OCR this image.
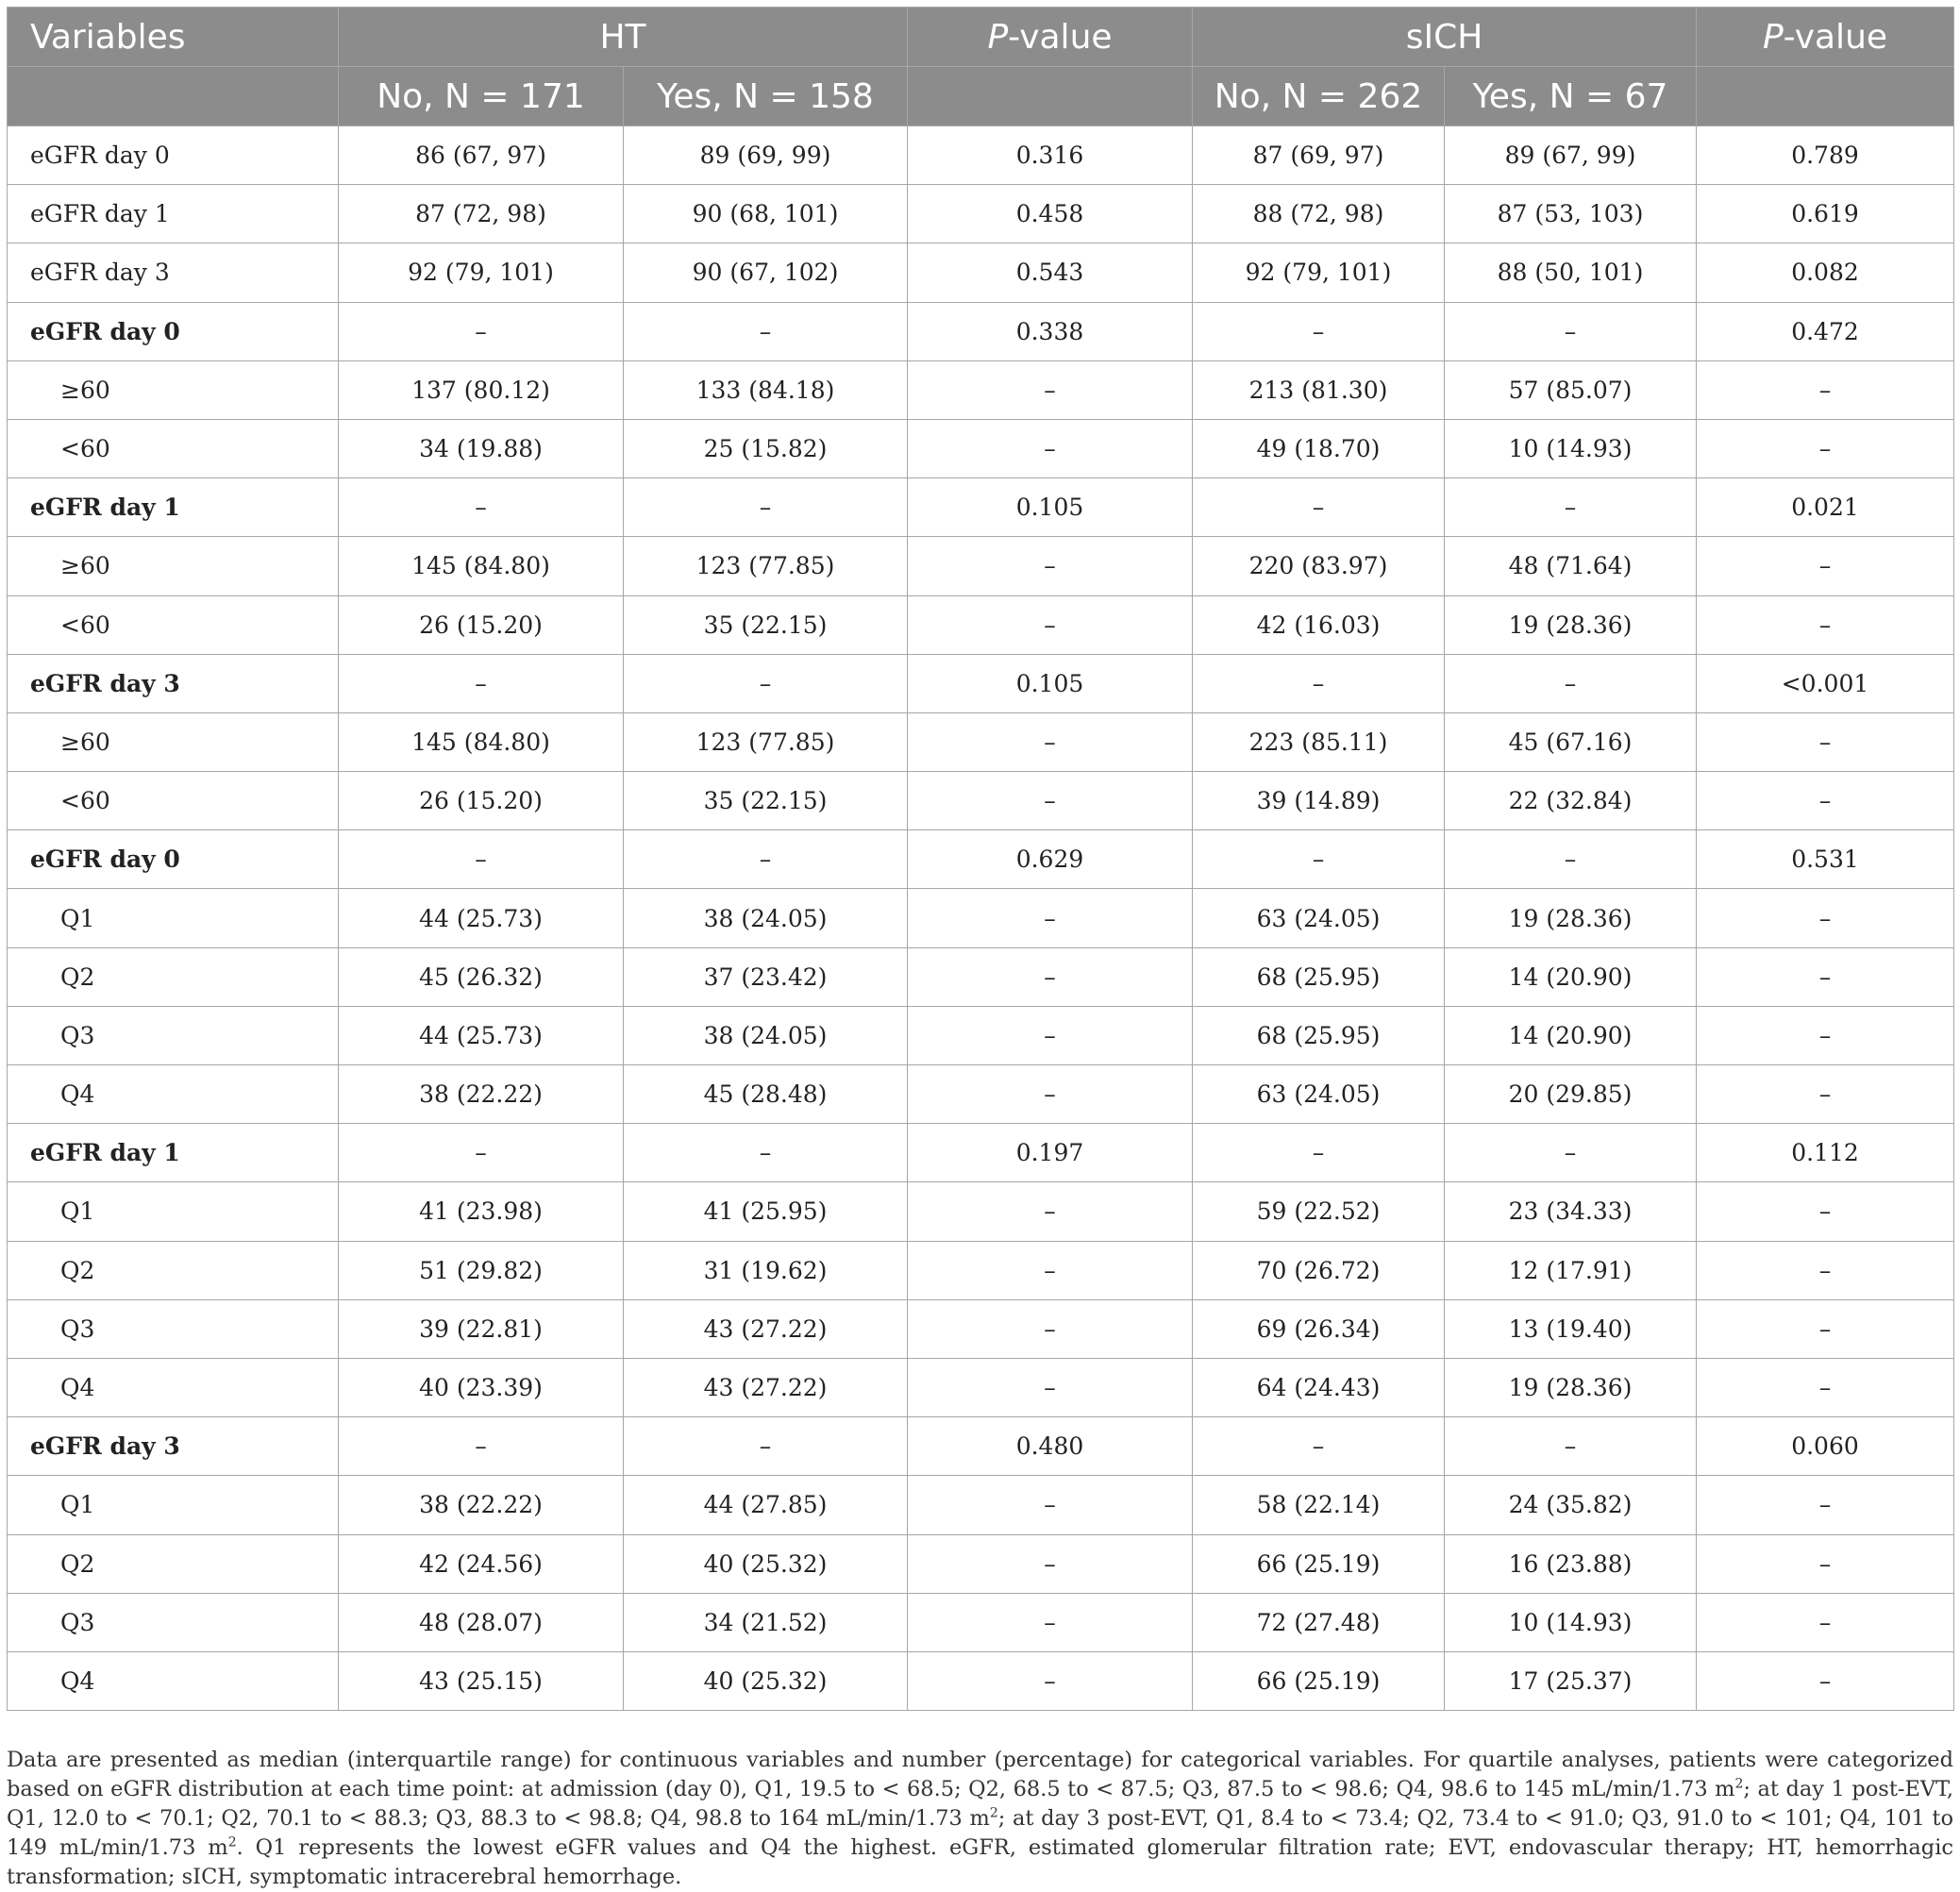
Variables	HT		P-value	sICH		P-value
	No, N = 171	Yes, N = 158		No, N = 262	Yes, N = 67	
eGFR day 0	86 (67, 97)	89 (69, 99)	0.316	87 (69, 97)	89 (67, 99)	0.789
eGFR day 1	87 (72, 98)	90 (68, 101)	0.458	88 (72, 98)	87 (53, 103)	0.619
eGFR day 3	92 (79, 101)	90 (67, 102)	0.543	92 (79, 101)	88 (50, 101)	0.082
eGFR day 0	–	–	0.338	–	–	0.472
≥60	137 (80.12)	133 (84.18)	–	213 (81.30)	57 (85.07)	–
<60	34 (19.88)	25 (15.82)	–	49 (18.70)	10 (14.93)	–
eGFR day 1	–	–	0.105	–	–	0.021
≥60	145 (84.80)	123 (77.85)	–	220 (83.97)	48 (71.64)	–
<60	26 (15.20)	35 (22.15)	–	42 (16.03)	19 (28.36)	–
eGFR day 3	–	–	0.105	–	–	<0.001
≥60	145 (84.80)	123 (77.85)	–	223 (85.11)	45 (67.16)	–
<60	26 (15.20)	35 (22.15)	–	39 (14.89)	22 (32.84)	–
eGFR day 0	–	–	0.629	–	–	0.531
Q1	44 (25.73)	38 (24.05)	–	63 (24.05)	19 (28.36)	–
Q2	45 (26.32)	37 (23.42)	–	68 (25.95)	14 (20.90)	–
Q3	44 (25.73)	38 (24.05)	–	68 (25.95)	14 (20.90)	–
Q4	38 (22.22)	45 (28.48)	–	63 (24.05)	20 (29.85)	–
eGFR day 1	–	–	0.197	–	–	0.112
Q1	41 (23.98)	41 (25.95)	–	59 (22.52)	23 (34.33)	–
Q2	51 (29.82)	31 (19.62)	–	70 (26.72)	12 (17.91)	–
Q3	39 (22.81)	43 (27.22)	–	69 (26.34)	13 (19.40)	–
Q4	40 (23.39)	43 (27.22)	–	64 (24.43)	19 (28.36)	–
eGFR day 3	–	–	0.480	–	–	0.060
Q1	38 (22.22)	44 (27.85)	–	58 (22.14)	24 (35.82)	–
Q2	42 (24.56)	40 (25.32)	–	66 (25.19)	16 (23.88)	–
Q3	48 (28.07)	34 (21.52)	–	72 (27.48)	10 (14.93)	–
Q4	43 (25.15)	40 (25.32)	–	66 (25.19)	17 (25.37)	–

Data are presented as median (interquartile range) for continuous variables and number (percentage) for categorical variables. For quartile analyses, patients were categorized based on eGFR distribution at each time point: at admission (day 0), Q1, 19.5 to < 68.5; Q2, 68.5 to < 87.5; Q3, 87.5 to < 98.6; Q4, 98.6 to 145 mL/min/1.73 $m^2$; at day 1 post-EVT, Q1, 12.0 to < 70.1; Q2, 70.1 to < 88.3; Q3, 88.3 to < 98.8; Q4, 98.8 to 164 mL/min/1.73 $m^2$; at day 3 post-EVT, Q1, 8.4 to < 73.4; Q2, 73.4 to < 91.0; Q3, 91.0 to < 101; Q4, 101 to 149 mL/min/1.73 $m^2$. Q1 represents the lowest eGFR values and Q4 the highest. eGFR, estimated glomerular filtration rate; EVT, endovascular therapy; HT, hemorrhagic transformation; sICH, symptomatic intracerebral hemorrhage.
